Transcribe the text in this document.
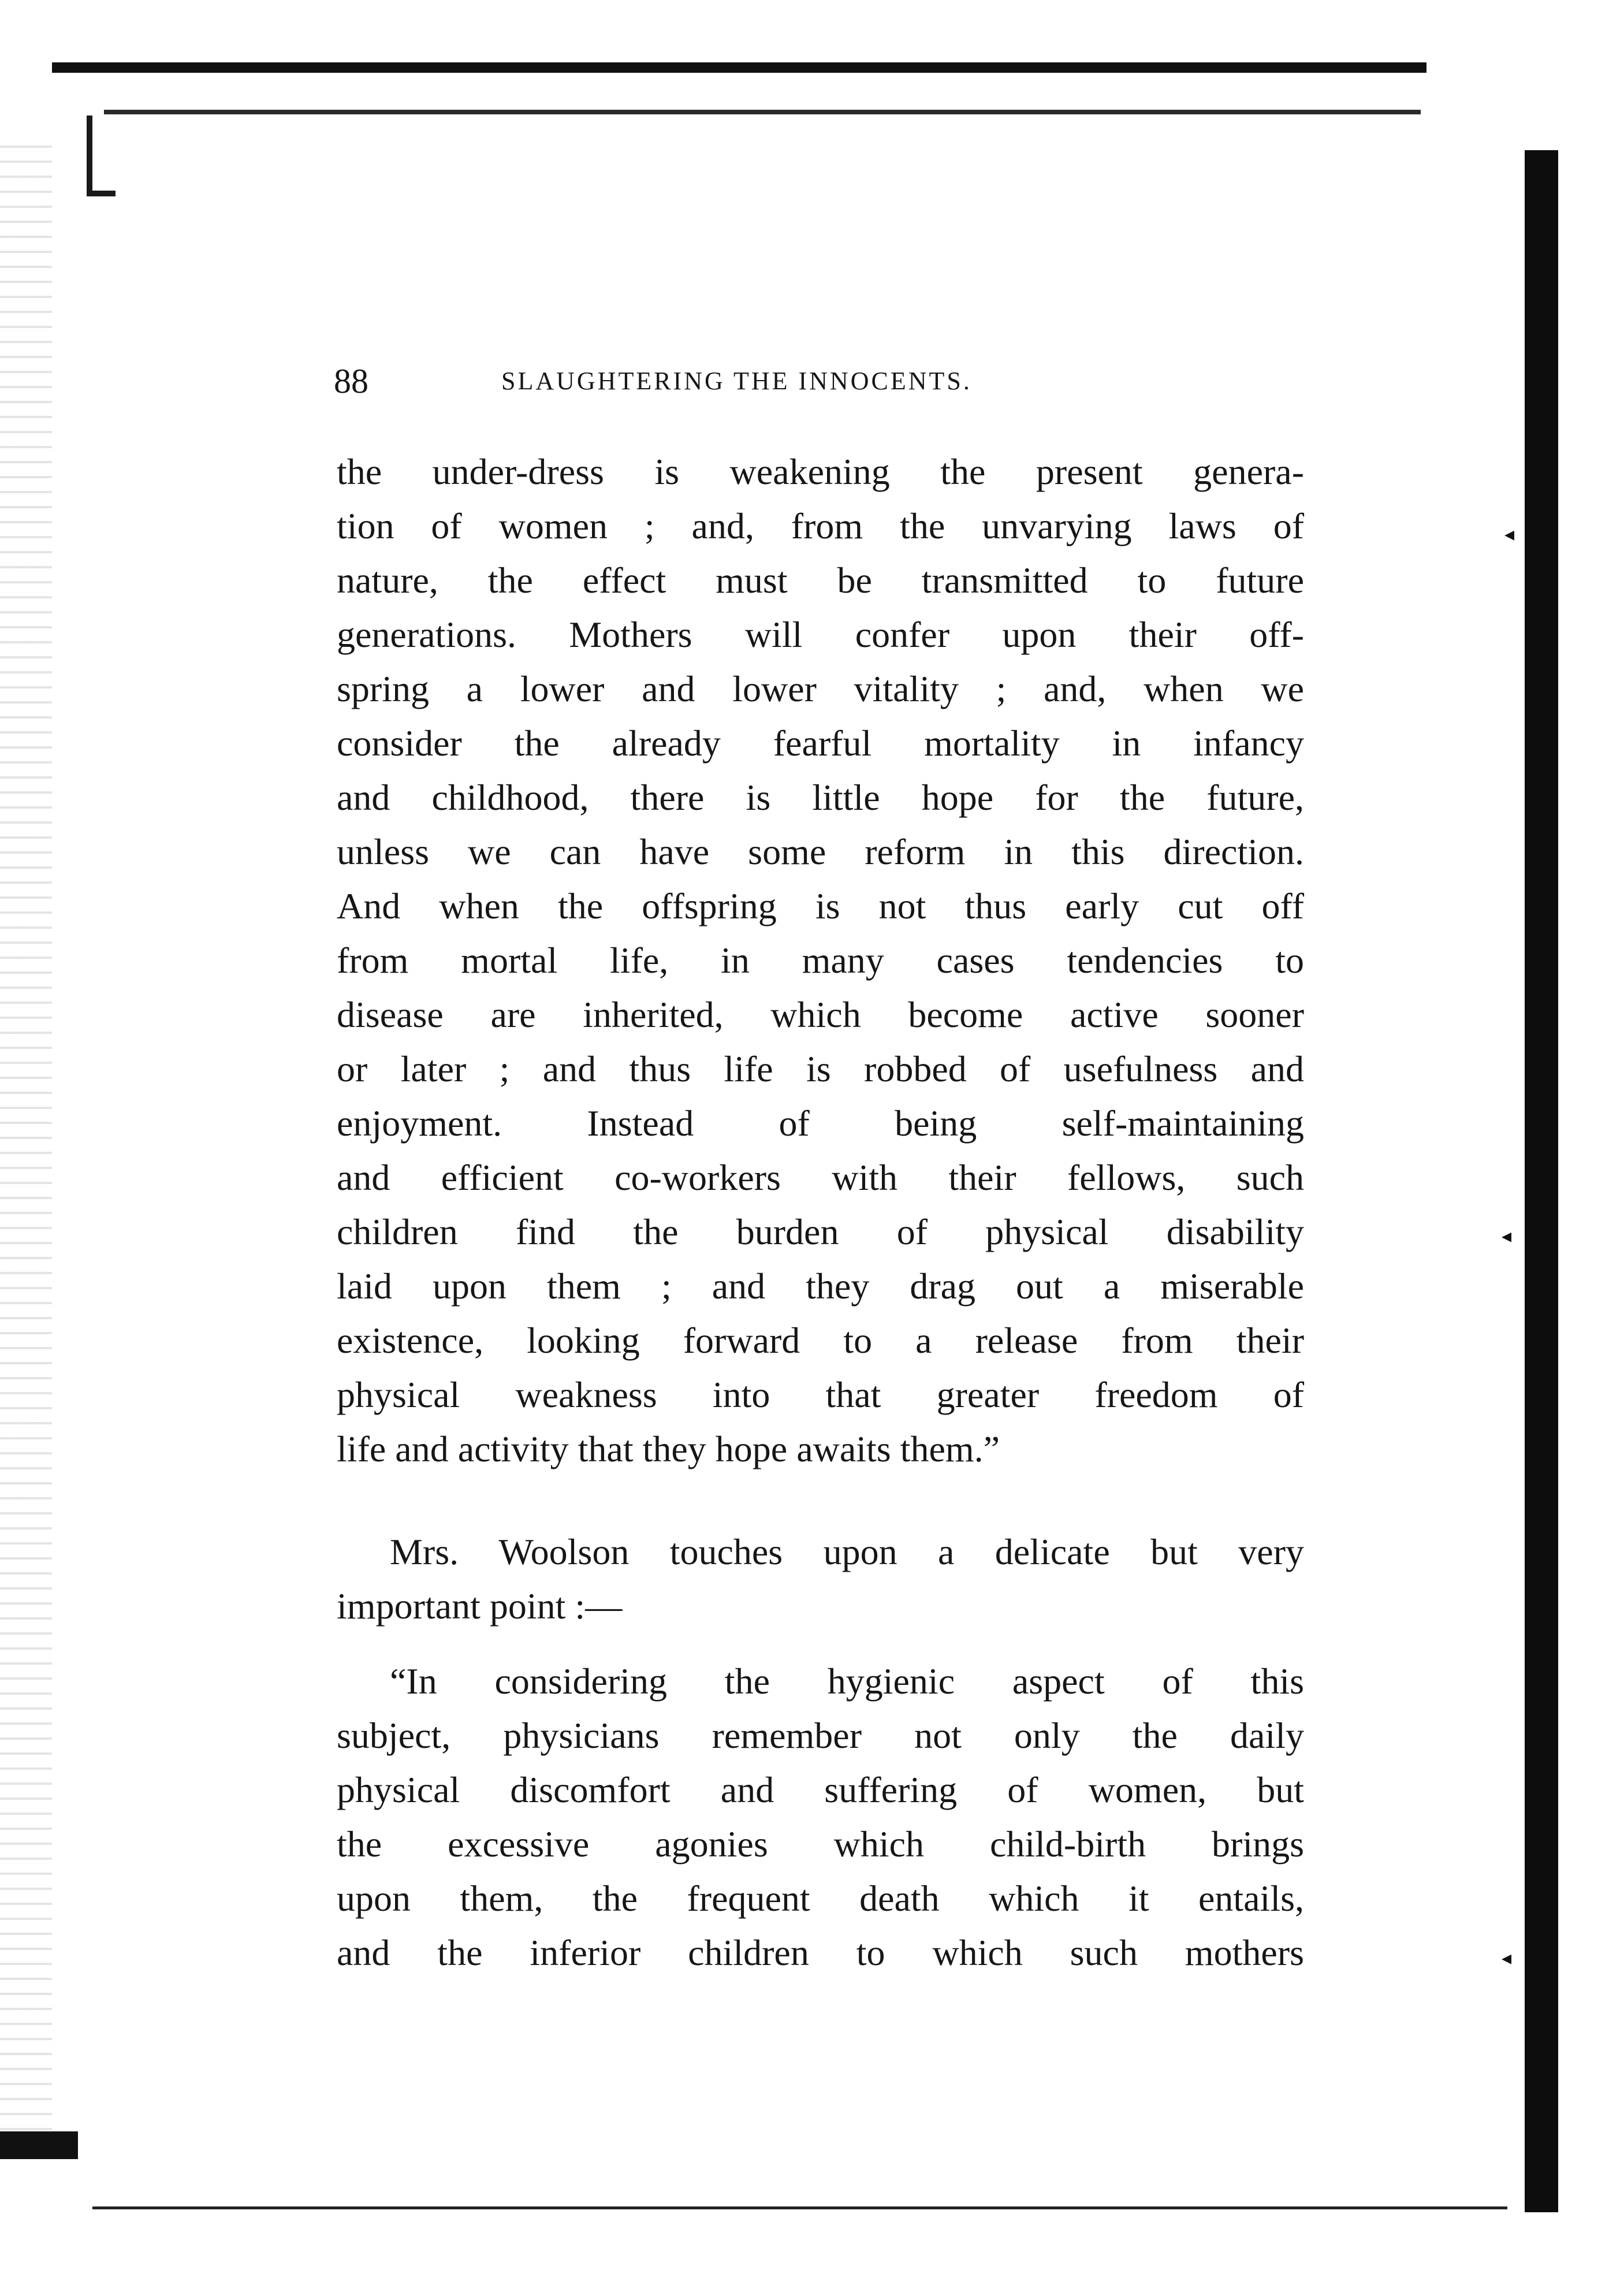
◂
◂
◂
88	SLAUGHTERING THE INNOCENTS.
the under-dress is weakening the present genera-
tion of women ; and, from the unvarying laws of
nature, the effect must be transmitted to future
generations. Mothers will confer upon their off-
spring a lower and lower vitality ; and, when we
consider the already fearful mortality in infancy
and childhood, there is little hope for the future,
unless we can have some reform in this direction.
And when the offspring is not thus early cut off
from mortal life, in many cases tendencies to
disease are inherited, which become active sooner
or later ; and thus life is robbed of usefulness and
enjoyment. Instead of being self-maintaining
and efficient co-workers with their fellows, such
children find the burden of physical disability
laid upon them ; and they drag out a miserable
existence, looking forward to a release from their
physical weakness into that greater freedom of
life and activity that they hope awaits them.”
Mrs. Woolson touches upon a delicate but very
important point :—
“In considering the hygienic aspect of this
subject, physicians remember not only the daily
physical discomfort and suffering of women, but
the excessive agonies which child-birth brings
upon them, the frequent death which it entails,
and the inferior children to which such mothers
